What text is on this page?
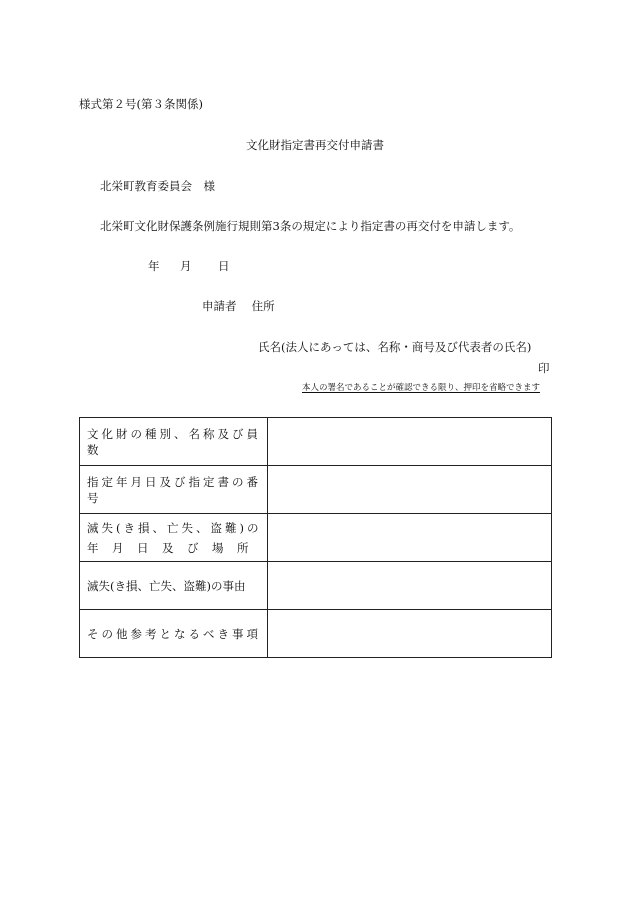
様式第２号(第３条関係)
文化財指定書再交付申請書
北栄町教育委員会　様
北栄町文化財保護条例施行規則第3条の規定により指定書の再交付を申請します。
年 月 日
申請者　 住所
氏名(法人にあっては、名称・商号及び代表者の氏名)
印
本人の署名であることが確認できる限り、押印を省略できます
文化財の種別、名称及び員数	
指定年月日及び指定書の番号	
滅失(き損、亡失、盗難)の
年 月 日 及 び 場 所	

滅失(き損、亡失、盗難)の事由	
その他参考となるべき事項	
